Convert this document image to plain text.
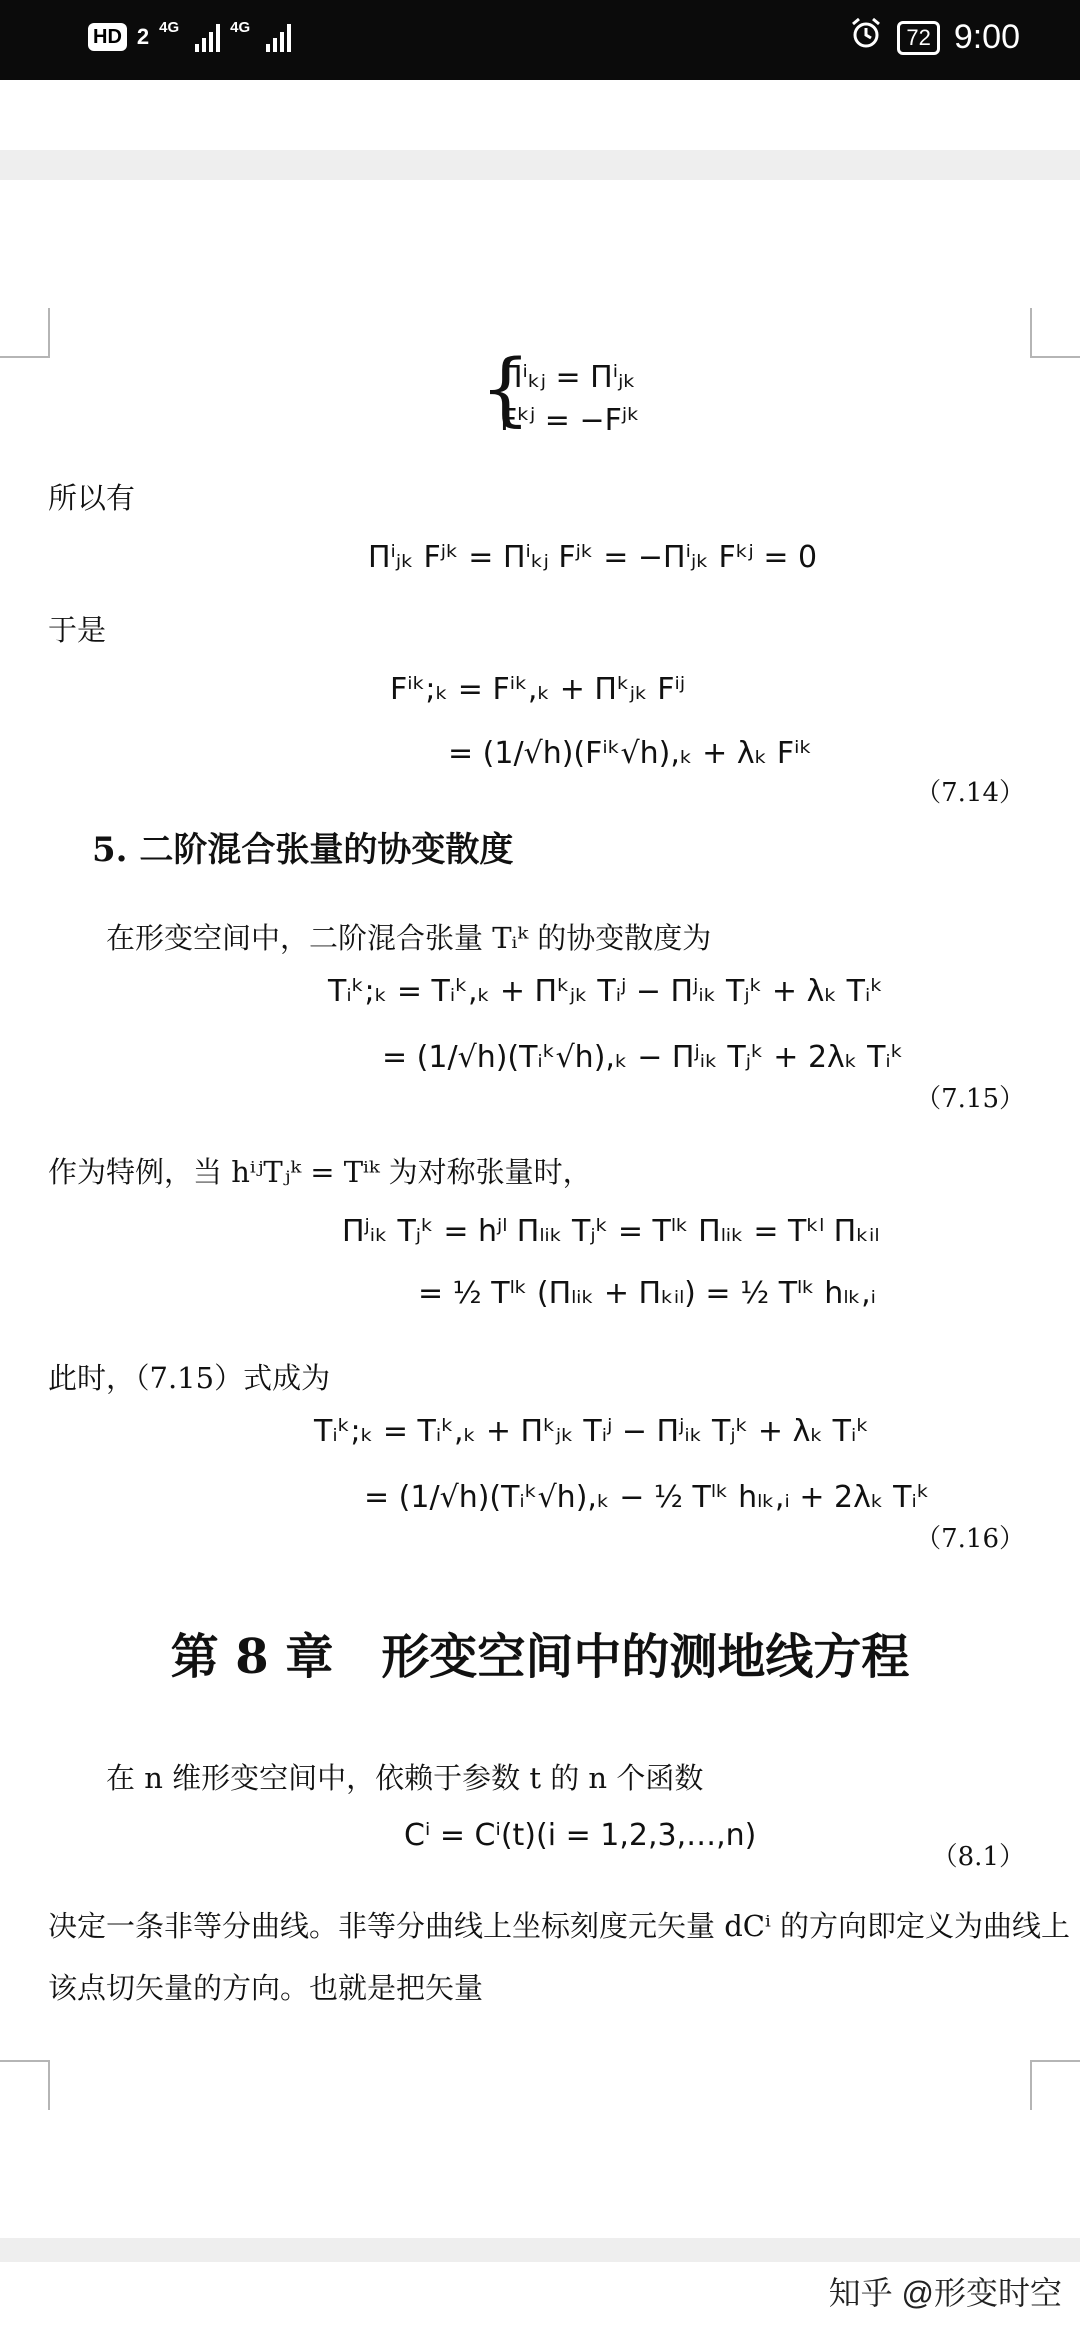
HD 2 4G	4G	72 9:00
{
Πⁱₖⱼ = Πⁱⱼₖ
Fᵏʲ = −Fʲᵏ
所以有
Πⁱⱼₖ Fʲᵏ = Πⁱₖⱼ Fʲᵏ = −Πⁱⱼₖ Fᵏʲ = 0
于是
Fⁱᵏ;ₖ = Fⁱᵏ,ₖ + Πᵏⱼₖ Fⁱʲ
= (1/√h)(Fⁱᵏ√h),ₖ + λₖ Fⁱᵏ
（7.14）
5. 二阶混合张量的协变散度
在形变空间中，二阶混合张量 Tᵢᵏ 的协变散度为
Tᵢᵏ;ₖ = Tᵢᵏ,ₖ + Πᵏⱼₖ Tᵢʲ − Πʲᵢₖ Tⱼᵏ + λₖ Tᵢᵏ
= (1/√h)(Tᵢᵏ√h),ₖ − Πʲᵢₖ Tⱼᵏ + 2λₖ Tᵢᵏ
（7.15）
作为特例，当 hⁱʲTⱼᵏ = Tⁱᵏ 为对称张量时，
Πʲᵢₖ Tⱼᵏ = hʲˡ Πₗᵢₖ Tⱼᵏ = Tˡᵏ Πₗᵢₖ = Tᵏˡ Πₖᵢₗ
= ½ Tˡᵏ (Πₗᵢₖ + Πₖᵢₗ) = ½ Tˡᵏ hₗₖ,ᵢ
此时，（7.15）式成为
Tᵢᵏ;ₖ = Tᵢᵏ,ₖ + Πᵏⱼₖ Tᵢʲ − Πʲᵢₖ Tⱼᵏ + λₖ Tᵢᵏ
= (1/√h)(Tᵢᵏ√h),ₖ − ½ Tˡᵏ hₗₖ,ᵢ + 2λₖ Tᵢᵏ
（7.16）
第 8 章　形变空间中的测地线方程
在 n 维形变空间中，依赖于参数 t 的 n 个函数
Cⁱ = Cⁱ(t)(i = 1,2,3,…,n)
（8.1）
决定一条非等分曲线。非等分曲线上坐标刻度元矢量 dCⁱ 的方向即定义为曲线上
该点切矢量的方向。也就是把矢量
知乎 @形变时空
